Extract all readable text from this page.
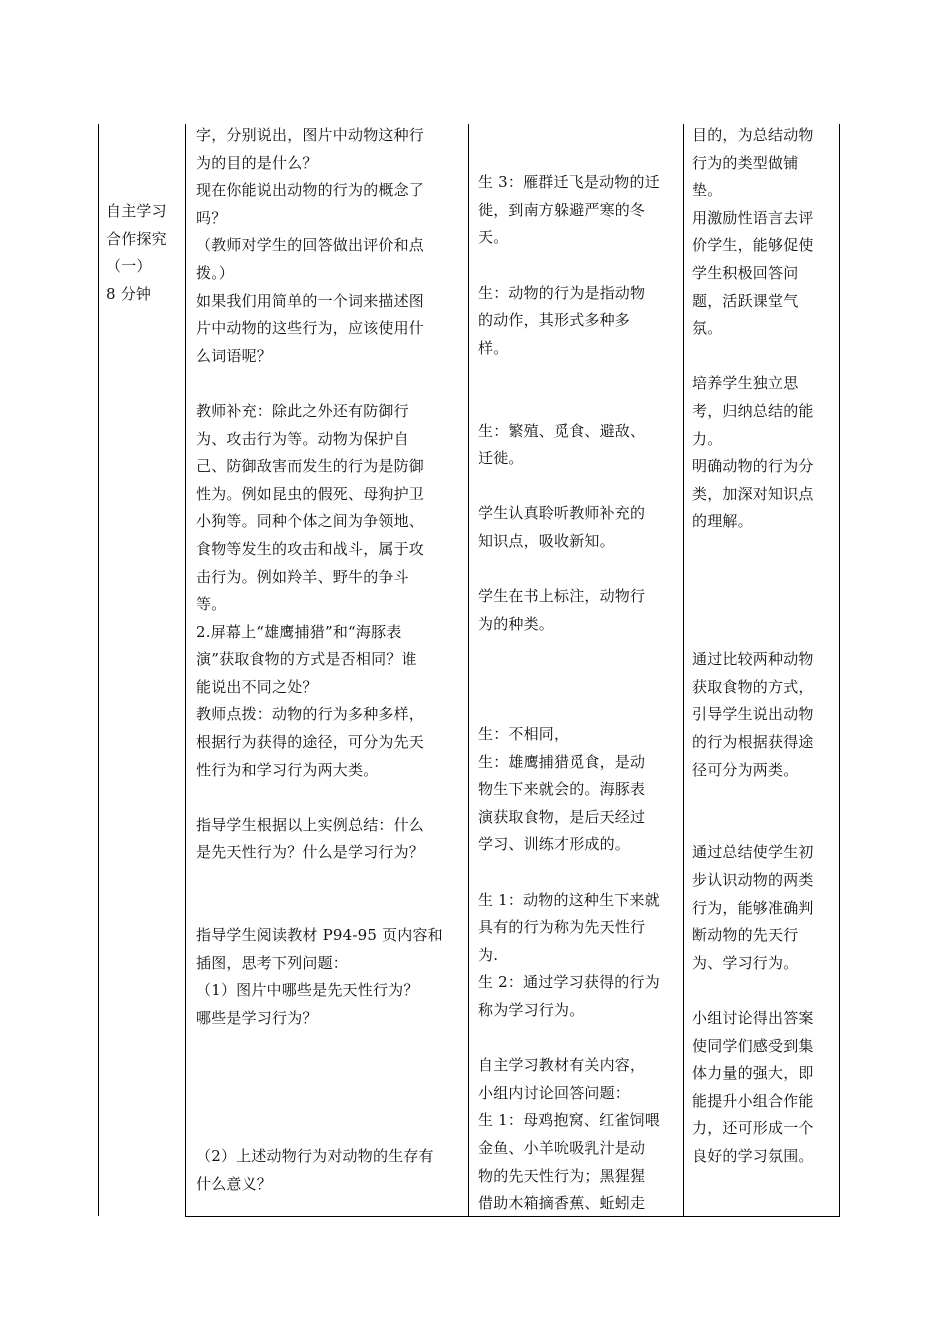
自主学习

合作探究

（一）

8 分钟

字，分别说出，图片中动物这种行

为的目的是什么？

现在你能说出动物的行为的概念了

吗？

（教师对学生的回答做出评价和点

拨。）

如果我们用简单的一个词来描述图

片中动物的这些行为，应该使用什

么词语呢？

教师补充：除此之外还有防御行

为、攻击行为等。动物为保护自

己、防御敌害而发生的行为是防御

性为。例如昆虫的假死、母狗护卫

小狗等。同种个体之间为争领地、

食物等发生的攻击和战斗，属于攻

击行为。例如羚羊、野牛的争斗

等。

2.屏幕上“雄鹰捕猎”和“海豚表

演”获取食物的方式是否相同？谁

能说出不同之处？

教师点拨：动物的行为多种多样，

根据行为获得的途径，可分为先天

性行为和学习行为两大类。

指导学生根据以上实例总结：什么

是先天性行为？什么是学习行为？

指导学生阅读教材 P94-95 页内容和

插图，思考下列问题：

（1）图片中哪些是先天性行为？

哪些是学习行为？

（2）上述动物行为对动物的生存有

什么意义？

生 3：雁群迁飞是动物的迁

徙，到南方躲避严寒的冬

天。

生：动物的行为是指动物

的动作，其形式多种多

样。

生：繁殖、觅食、避敌、

迁徙。

学生认真聆听教师补充的

知识点，吸收新知。

学生在书上标注，动物行

为的种类。

生：不相同，

生：雄鹰捕猎觅食，是动

物生下来就会的。海豚表

演获取食物，是后天经过

学习、训练才形成的。

生 1：动物的这种生下来就

具有的行为称为先天性行

为.

生 2：通过学习获得的行为

称为学习行为。

自主学习教材有关内容，

小组内讨论回答问题：

生 1：母鸡抱窝、红雀饲喂

金鱼、小羊吮吸乳汁是动

物的先天性行为；黑猩猩

借助木箱摘香蕉、蚯蚓走

目的，为总结动物

行为的类型做铺

垫。

用激励性语言去评

价学生，能够促使

学生积极回答问

题，活跃课堂气

氛。

培养学生独立思

考，归纳总结的能

力。

明确动物的行为分

类，加深对知识点

的理解。

通过比较两种动物

获取食物的方式，

引导学生说出动物

的行为根据获得途

径可分为两类。

通过总结使学生初

步认识动物的两类

行为，能够准确判

断动物的先天行

为、学习行为。

小组讨论得出答案

使同学们感受到集

体力量的强大，即

能提升小组合作能

力，还可形成一个

良好的学习氛围。
